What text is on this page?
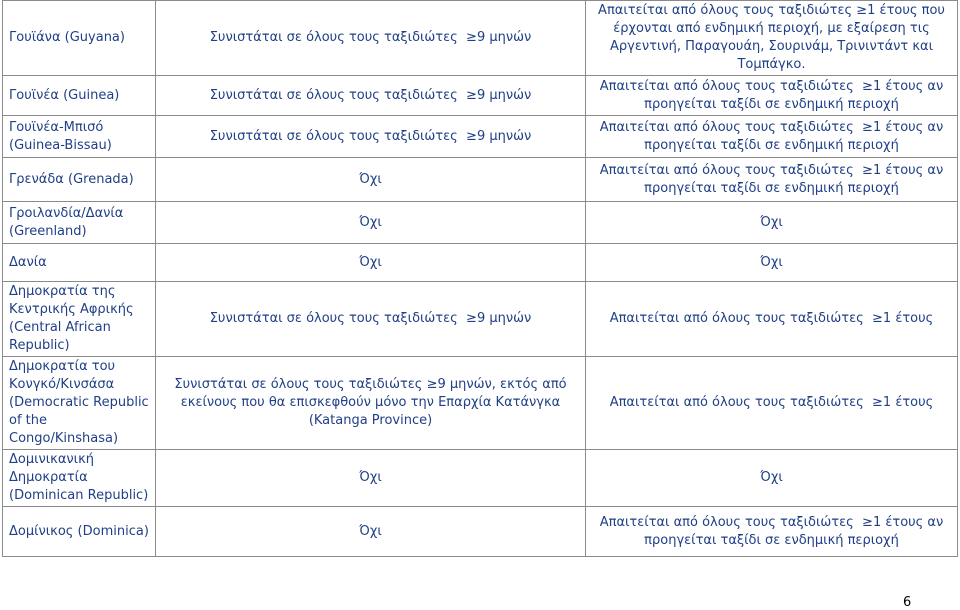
Γουϊάνα (Guyana)	Συνιστάται σε όλους τους ταξιδιώτες  ≥9 μηνών	Απαιτείται από όλους τους ταξιδιώτες ≥1 έτους που έρχονται από ενδημική περιοχή, με εξαίρεση τις Αργεντινή, Παραγουάη, Σουρινάμ, Τρινιντάντ και Τομπάγκο.
Γουϊνέα (Guinea)	Συνιστάται σε όλους τους ταξιδιώτες  ≥9 μηνών	Απαιτείται από όλους τους ταξιδιώτες  ≥1 έτους αν προηγείται ταξίδι σε ενδημική περιοχή
Γουϊνέα-Μπισό (Guinea-Bissau)	Συνιστάται σε όλους τους ταξιδιώτες  ≥9 μηνών	Απαιτείται από όλους τους ταξιδιώτες  ≥1 έτους αν προηγείται ταξίδι σε ενδημική περιοχή
Γρενάδα (Grenada)	Όχι	Απαιτείται από όλους τους ταξιδιώτες  ≥1 έτους αν προηγείται ταξίδι σε ενδημική περιοχή
Γροιλανδία/Δανία (Greenland)	Όχι	Όχι
Δανία	Όχι	Όχι
Δημοκρατία της Κεντρικής Αφρικής (Central African Republic)	Συνιστάται σε όλους τους ταξιδιώτες  ≥9 μηνών	Απαιτείται από όλους τους ταξιδιώτες  ≥1 έτους
Δημοκρατία του Κονγκό/Κινσάσα (Democratic Republic of the Congo/Kinshasa)	Συνιστάται σε όλους τους ταξιδιώτες ≥9 μηνών, εκτός από εκείνους που θα επισκεφθούν μόνο την Επαρχία Κατάνγκα (Katanga Province)	Απαιτείται από όλους τους ταξιδιώτες  ≥1 έτους
Δομινικανική Δημοκρατία (Dominican Republic)	Όχι	Όχι
Δομίνικος (Dominica)	Όχι	Απαιτείται από όλους τους ταξιδιώτες  ≥1 έτους αν προηγείται ταξίδι σε ενδημική περιοχή
6
